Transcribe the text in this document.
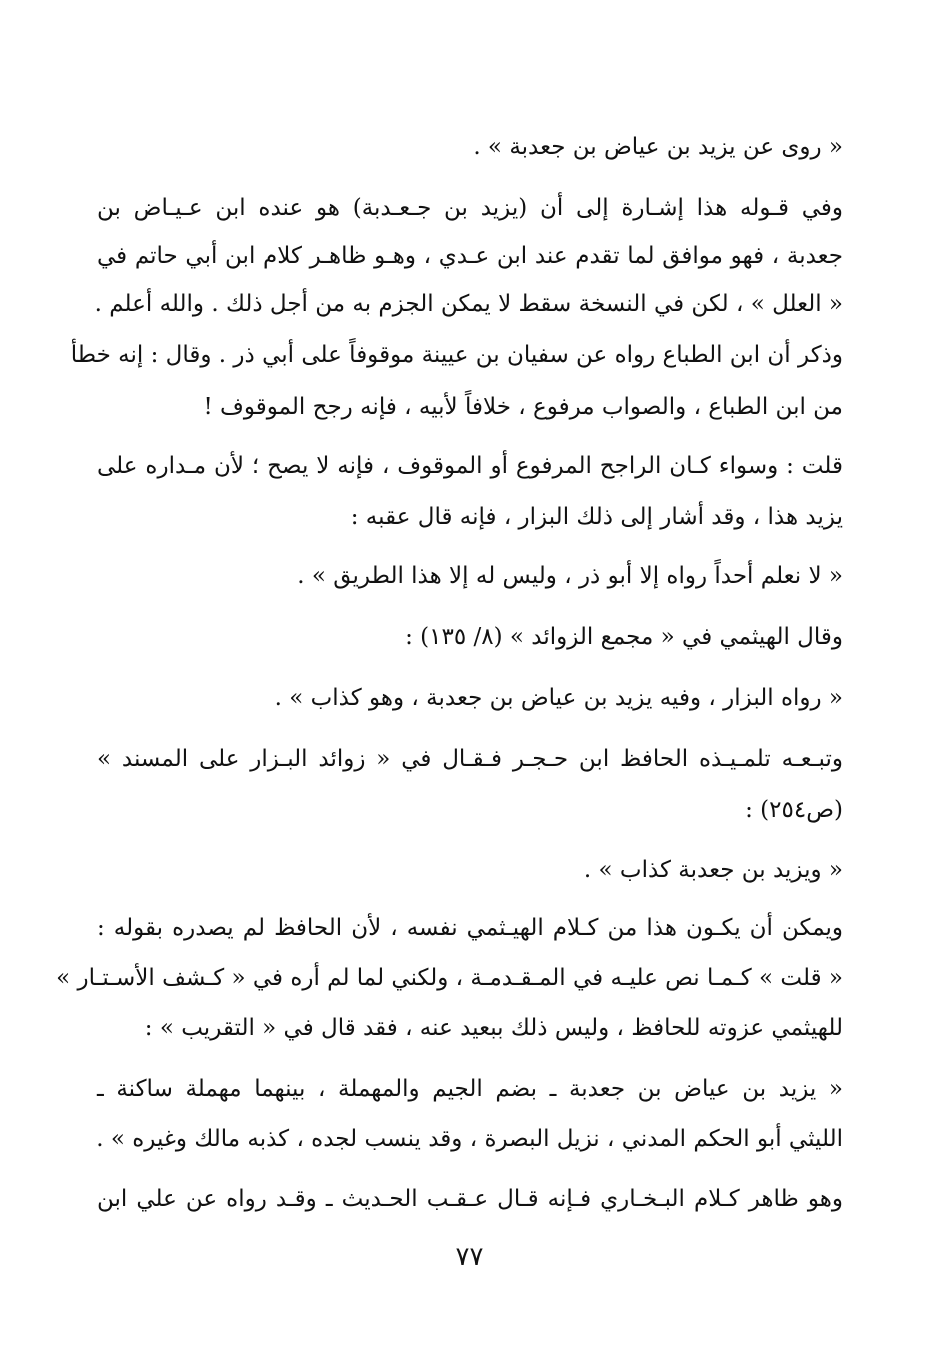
« روى عن يزيد بن عياض بن جعدبة » .
وفي قـوله هذا إشـارة إلى أن (يزيد بن جـعـدبة) هو عنده ابن عـيـاض بن
جعدبة ، فهو موافق لما تقدم عند ابن عـدي ، وهـو ظاهـر كلام ابن أبي حاتم في
« العلل » ، لكن في النسخة سقط لا يمكن الجزم به من أجل ذلك . والله أعلم .
وذكر أن ابن الطباع رواه عن سفيان بن عيينة موقوفاً على أبي ذر . وقال : إنه خطأ
من ابن الطباع ، والصواب مرفوع ، خلافاً لأبيه ، فإنه رجح الموقوف !
قلت : وسواء كـان الراجح المرفوع أو الموقوف ، فإنه لا يصح ؛ لأن مـداره على
يزيد هذا ، وقد أشار إلى ذلك البزار ، فإنه قال عقبه :
« لا نعلم أحداً رواه إلا أبو ذر ، وليس له إلا هذا الطريق » .
وقال الهيثمي في « مجمع الزوائد » (٨/ ١٣٥) :
« رواه البزار ، وفيه يزيد بن عياض بن جعدبة ، وهو كذاب » .
وتبـعـه تلمـيـذه الحافظ ابن حـجـر فـقـال في « زوائد البـزار على المسند »
(ص٢٥٤) :
« ويزيد بن جعدبة كذاب » .
ويمكن أن يكـون هذا من كـلام الهيـثمي نفسه ، لأن الحافظ لم يصدره بقوله :
« قلت » كـمـا نص عليـه في المـقـدمـة ، ولكني لما لم أره في « كـشف الأسـتـار »
للهيثمي عزوته للحافظ ، وليس ذلك ببعيد عنه ، فقد قال في « التقريب » :
« يزيد بن عياض بن جعدبة ـ بضم الجيم والمهملة ، بينهما مهملة ساكنة ـ
الليثي أبو الحكم المدني ، نزيل البصرة ، وقد ينسب لجده ، كذبه مالك وغيره » .
وهو ظاهر كـلام البـخـاري فـإنه قـال عـقـب الحـديث ـ وقـد رواه عن علي ابن
٧٧
